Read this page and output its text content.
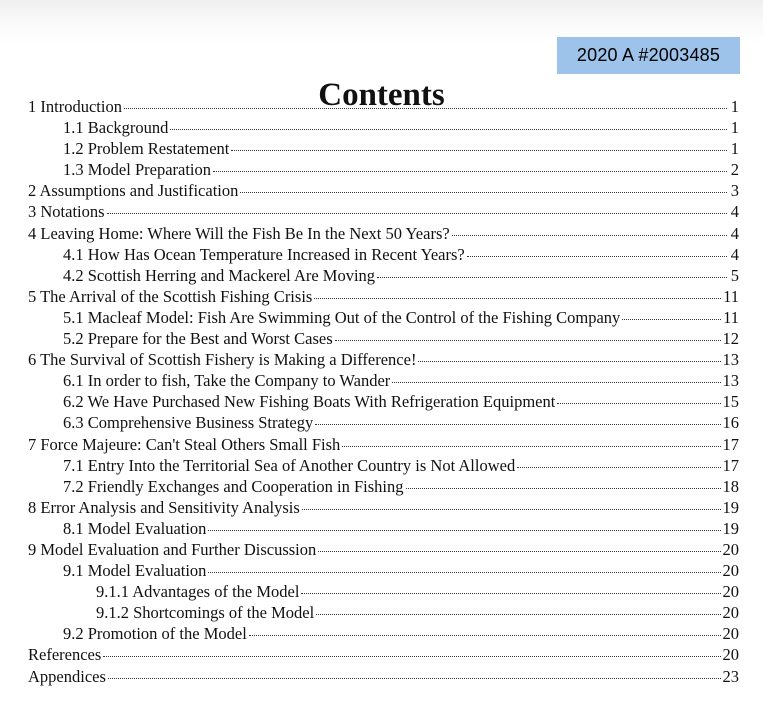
2020 A #2003485
Contents
1 Introduction	1
1.1 Background	1
1.2 Problem Restatement	1
1.3 Model Preparation	2
2 Assumptions and Justification	3
3 Notations	4
4 Leaving Home: Where Will the Fish Be In the Next 50 Years?	4
4.1 How Has Ocean Temperature Increased in Recent Years?	4
4.2 Scottish Herring and Mackerel Are Moving	5
5 The Arrival of the Scottish Fishing Crisis	11
5.1 Macleaf Model: Fish Are Swimming Out of the Control of the Fishing Company	11
5.2 Prepare for the Best and Worst Cases	12
6 The Survival of Scottish Fishery is Making a Difference!	13
6.1 In order to fish, Take the Company to Wander	13
6.2 We Have Purchased New Fishing Boats With Refrigeration Equipment	15
6.3 Comprehensive Business Strategy	16
7 Force Majeure: Can't Steal Others Small Fish	17
7.1 Entry Into the Territorial Sea of Another Country is Not Allowed	17
7.2 Friendly Exchanges and Cooperation in Fishing	18
8 Error Analysis and Sensitivity Analysis	19
8.1 Model Evaluation	19
9 Model Evaluation and Further Discussion	20
9.1 Model Evaluation	20
9.1.1 Advantages of the Model	20
9.1.2 Shortcomings of the Model	20
9.2 Promotion of the Model	20
References	20
Appendices	23
